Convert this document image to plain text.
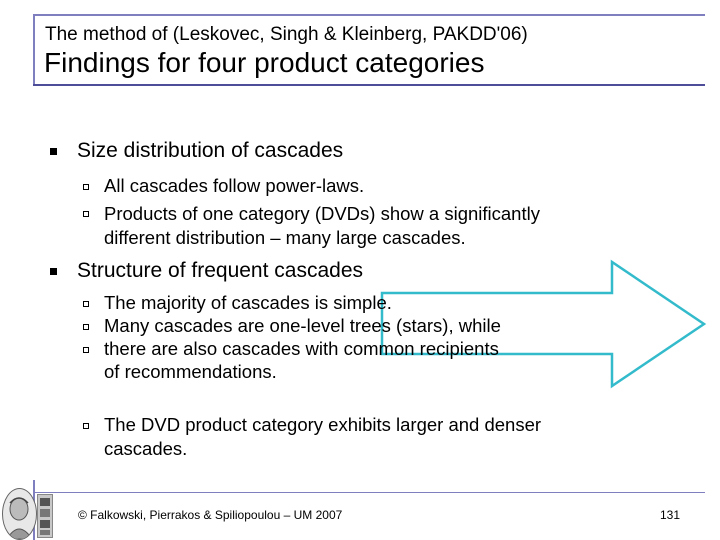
The method of (Leskovec, Singh & Kleinberg, PAKDD'06)
Findings for four product categories
Size distribution of cascades
All cascades follow power-laws.
Products of one category (DVDs) show a significantly
different distribution – many large cascades.
Structure of frequent cascades
The majority of cascades is simple.
Many cascades are one-level trees (stars), while
there are also cascades with common recipients
of recommendations.
The DVD product category exhibits larger and denser
cascades.
© Falkowski, Pierrakos & Spiliopoulou – UM 2007	131
